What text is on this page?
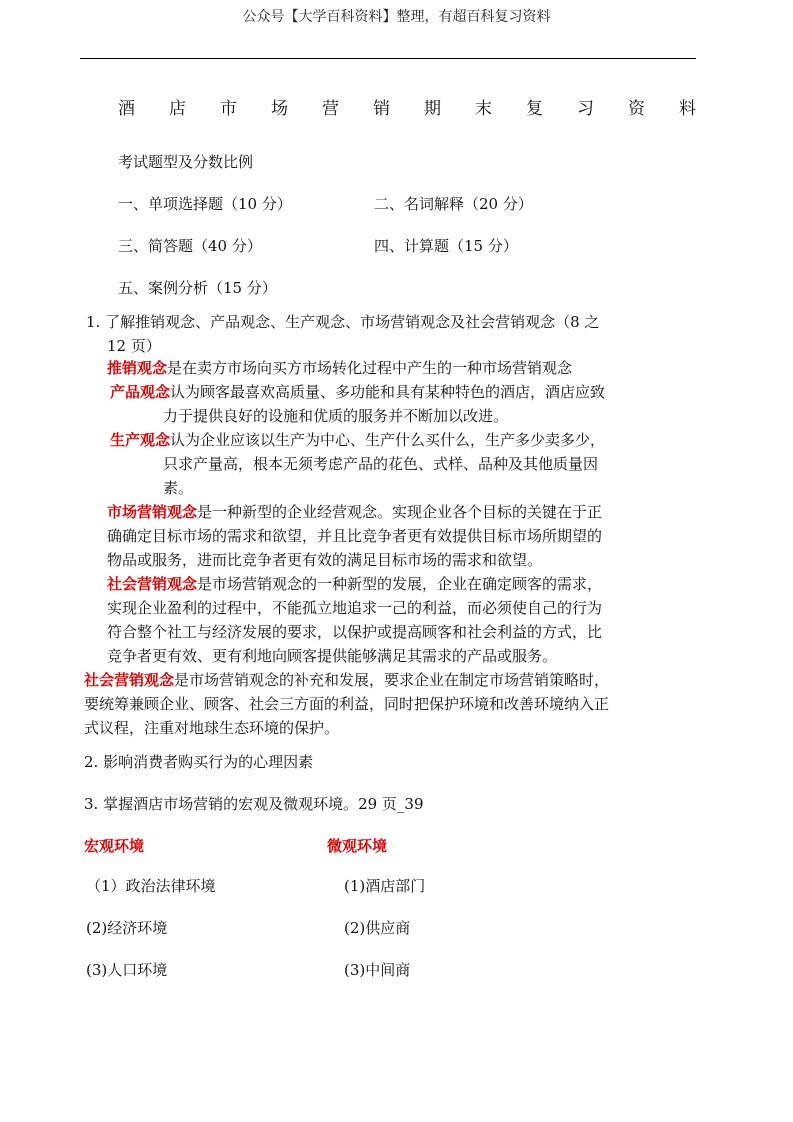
公众号【大学百科资料】整理，有超百科复习资料
酒 店 市 场 营 销 期 末 复 习 资 料
考试题型及分数比例
一、单项选择题（10 分）	二、名词解释（20 分）
三、简答题（40 分）	四、计算题（15 分）
五、案例分析（15 分）
1. 了解推销观念、产品观念、生产观念、市场营销观念及社会营销观念（8 之
12 页）
推销观念是在卖方市场向买方市场转化过程中产生的一种市场营销观念
产品观念认为顾客最喜欢高质量、多功能和具有某种特色的酒店，酒店应致
力于提供良好的设施和优质的服务并不断加以改进。
生产观念认为企业应该以生产为中心、生产什么买什么，生产多少卖多少，
只求产量高，根本无须考虑产品的花色、式样、品种及其他质量因
素。
市场营销观念是一种新型的企业经营观念。实现企业各个目标的关键在于正
确确定目标市场的需求和欲望，并且比竞争者更有效提供目标市场所期望的
物品或服务，进而比竞争者更有效的满足目标市场的需求和欲望。
社会营销观念是市场营销观念的一种新型的发展，企业在确定顾客的需求，
实现企业盈利的过程中，不能孤立地追求一己的利益，而必须使自己的行为
符合整个社工与经济发展的要求，以保护或提高顾客和社会利益的方式，比
竞争者更有效、更有利地向顾客提供能够满足其需求的产品或服务。
社会营销观念是市场营销观念的补充和发展，要求企业在制定市场营销策略时，
要统筹兼顾企业、顾客、社会三方面的利益，同时把保护环境和改善环境纳入正
式议程，注重对地球生态环境的保护。
2. 影响消费者购买行为的心理因素
3. 掌握酒店市场营销的宏观及微观环境。29 页_39
宏观环境	微观环境
（1）政治法律环境	(1)酒店部门
(2)经济环境	(2)供应商
(3)人口环境	(3)中间商
